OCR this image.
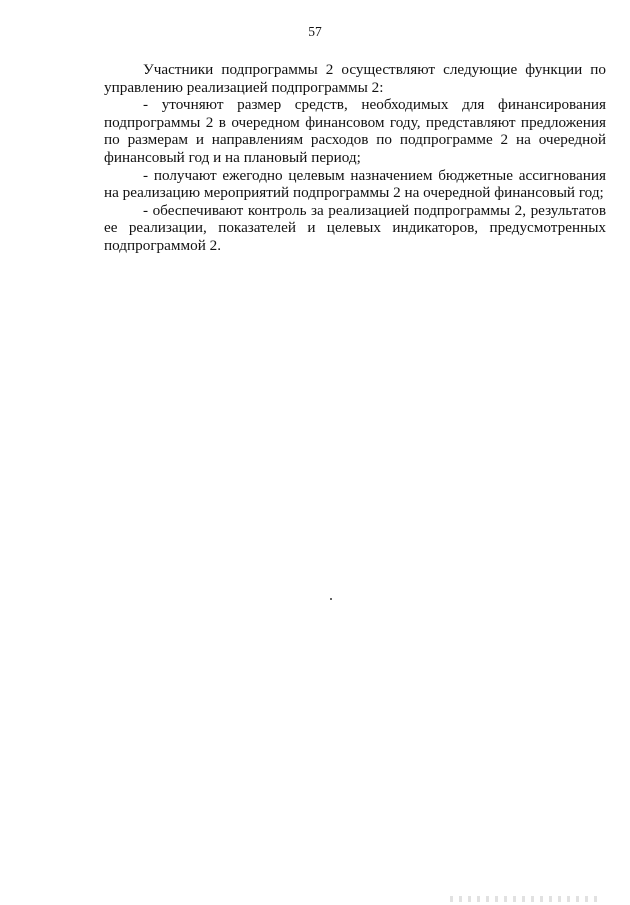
57

Участники подпрограммы 2 осуществляют следующие функции по управлению реализацией подпрограммы 2:

- уточняют размер средств, необходимых для финансирования подпрограммы 2 в очередном финансовом году, представляют предложения по размерам и направлениям расходов по подпрограмме 2 на очередной финансовый год и на плановый период;

- получают ежегодно целевым назначением бюджетные ассигнования на реализацию мероприятий подпрограммы 2 на очередной финансовый год;

- обеспечивают контроль за реализацией подпрограммы 2, результатов ее реализации, показателей и целевых индикаторов, предусмотренных подпрограммой 2.
